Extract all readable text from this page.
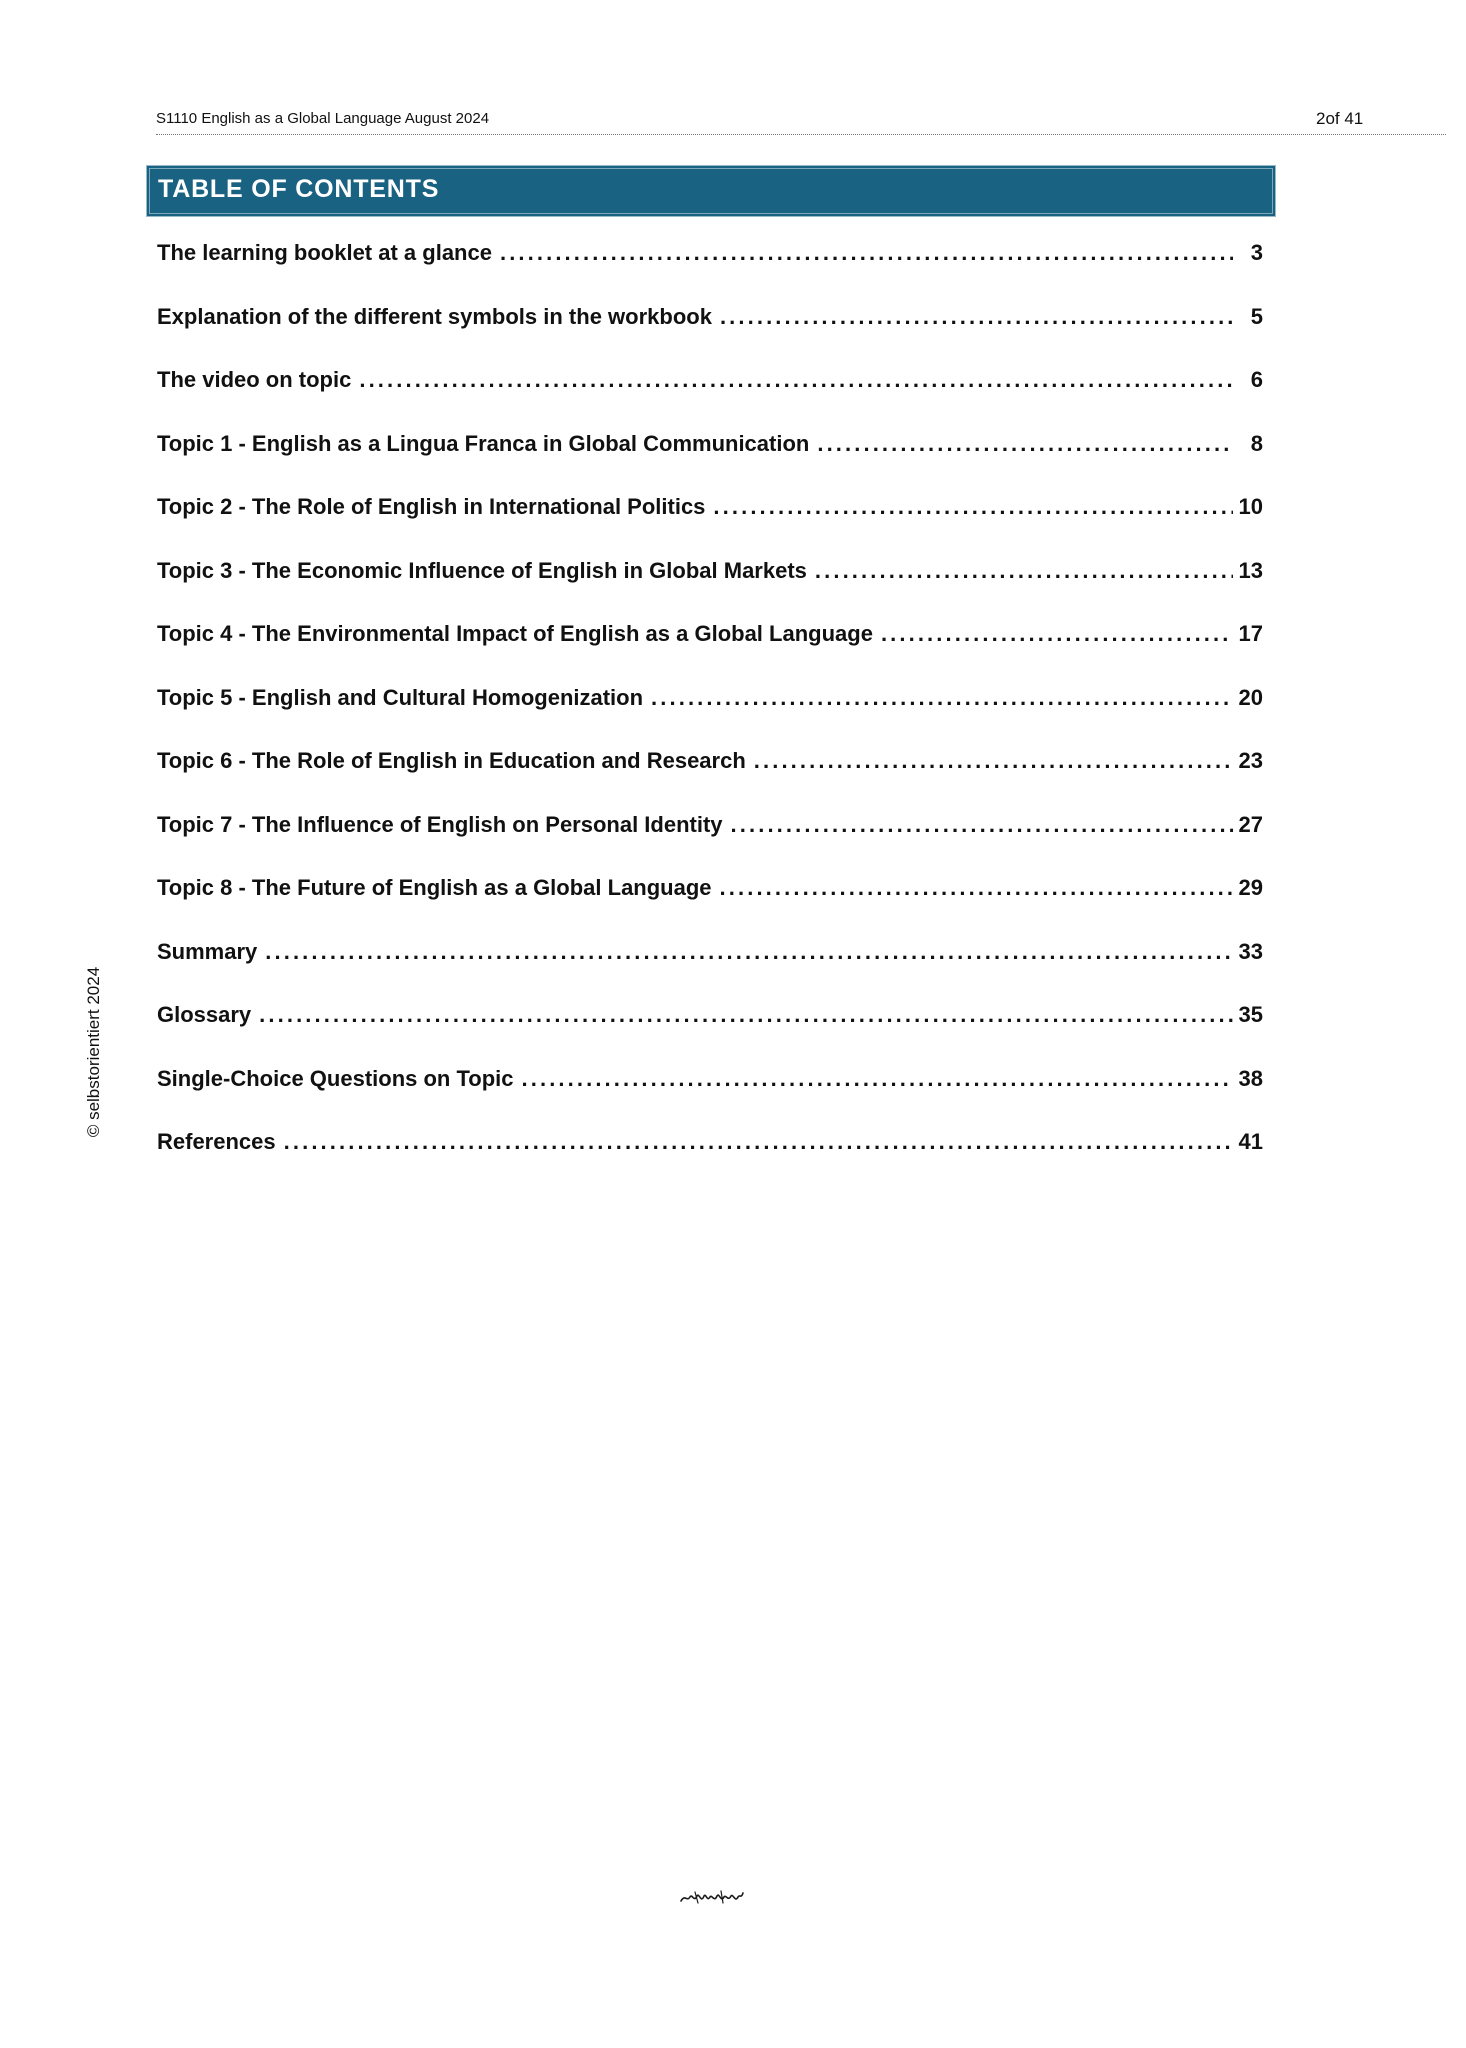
S1110 English as a Global Language August 2024	2of 41
TABLE OF CONTENTS
The learning booklet at a glance . . .	3
Explanation of the different symbols in the workbook . . .	5
The video on topic . . .	6
Topic 1 - English as a Lingua Franca in Global Communication . . .	8
Topic 2 - The Role of English in International Politics . . .	10
Topic 3 - The Economic Influence of English in Global Markets . . .	13
Topic 4 - The Environmental Impact of English as a Global Language . . .	17
Topic 5 - English and Cultural Homogenization . . .	20
Topic 6 - The Role of English in Education and Research . . .	23
Topic 7 - The Influence of English on Personal Identity . . .	27
Topic 8 - The Future of English as a Global Language . . .	29
Summary . . .	33
Glossary . . .	35
Single-Choice Questions on Topic . . .	38
References . . .	41
© selbstorientiert 2024
